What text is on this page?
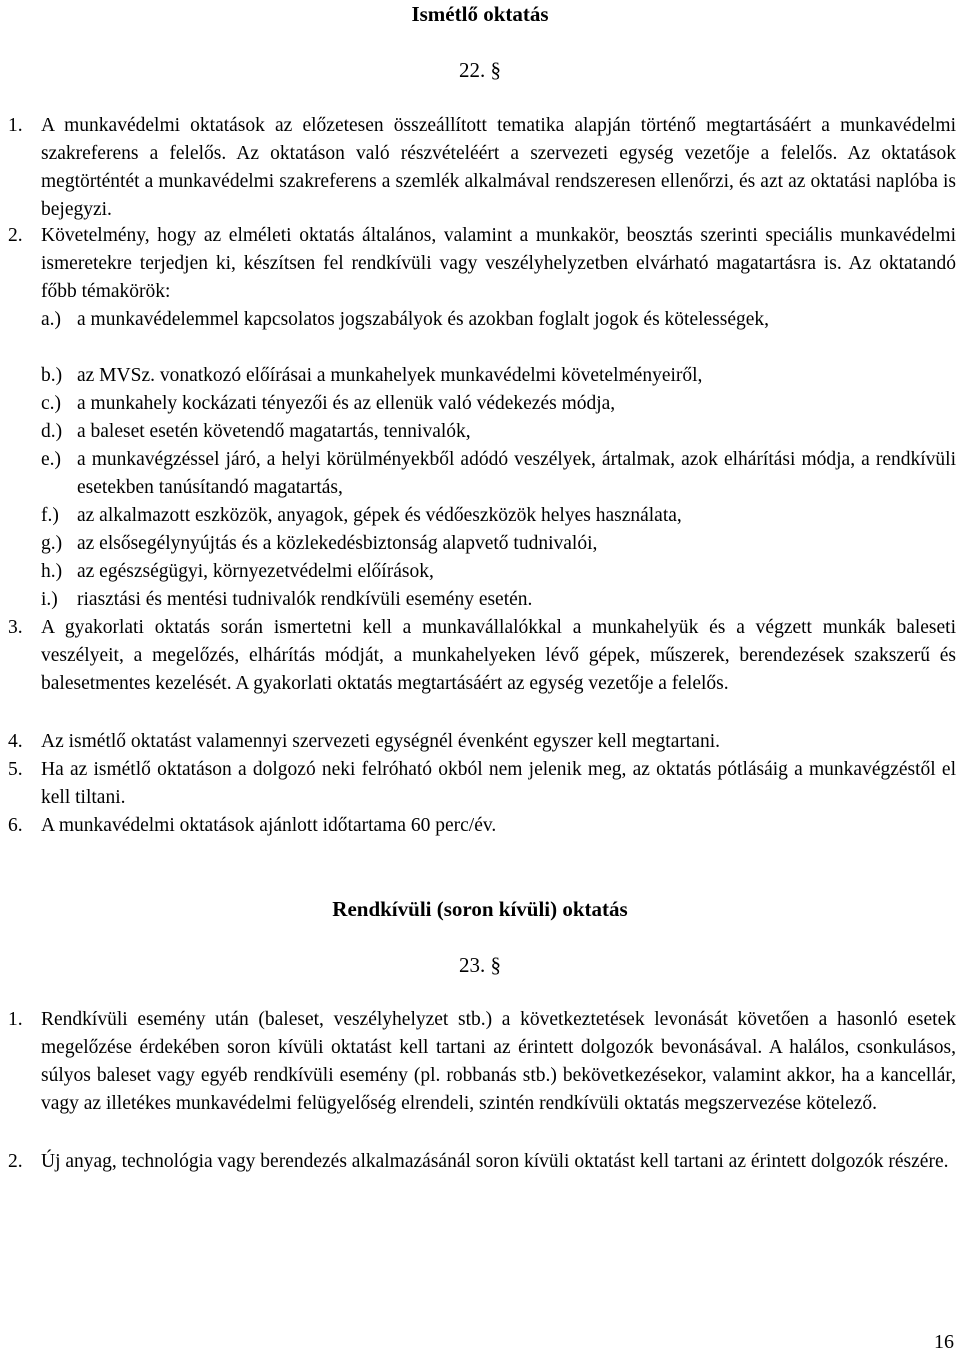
Ismétlő oktatás
22. §
1. A munkavédelmi oktatások az előzetesen összeállított tematika alapján történő megtartásáért a munkavédelmi szakreferens a felelős. Az oktatáson való részvételéért a szervezeti egység vezetője a felelős. Az oktatások megtörténtét a munkavédelmi szakreferens a szemlék alkalmával rendszeresen ellenőrzi, és azt az oktatási naplóba is bejegyzi.
2. Követelmény, hogy az elméleti oktatás általános, valamint a munkakör, beosztás szerinti speciális munkavédelmi ismeretekre terjedjen ki, készítsen fel rendkívüli vagy veszélyhelyzetben elvárható magatartásra is. Az oktatandó főbb témakörök:
a.) a munkavédelemmel kapcsolatos jogszabályok és azokban foglalt jogok és kötelességek,
b.) az MVSz. vonatkozó előírásai a munkahelyek munkavédelmi követelményeiről,
c.) a munkahely kockázati tényezői és az ellenük való védekezés módja,
d.) a baleset esetén követendő magatartás, tennivalók,
e.) a munkavégzéssel járó, a helyi körülményekből adódó veszélyek, ártalmak, azok elhárítási módja, a rendkívüli esetekben tanúsítandó magatartás,
f.) az alkalmazott eszközök, anyagok, gépek és védőeszközök helyes használata,
g.) az elsősegélynyújtás és a közlekedésbiztonság alapvető tudnivalói,
h.) az egészségügyi, környezetvédelmi előírások,
i.) riasztási és mentési tudnivalók rendkívüli esemény esetén.
3. A gyakorlati oktatás során ismertetni kell a munkavállalókkal a munkahelyük és a végzett munkák baleseti veszélyeit, a megelőzés, elhárítás módját, a munkahelyeken lévő gépek, műszerek, berendezések szakszerű és balesetmentes kezelését. A gyakorlati oktatás megtartásáért az egység vezetője a felelős.
4. Az ismétlő oktatást valamennyi szervezeti egységnél évenként egyszer kell megtartani.
5. Ha az ismétlő oktatáson a dolgozó neki felróható okból nem jelenik meg, az oktatás pótlásáig a munkavégzéstől el kell tiltani.
6. A munkavédelmi oktatások ajánlott időtartama 60 perc/év.
Rendkívüli (soron kívüli) oktatás
23. §
1. Rendkívüli esemény után (baleset, veszélyhelyzet stb.) a következtetések levonását követően a hasonló esetek megelőzése érdekében soron kívüli oktatást kell tartani az érintett dolgozók bevonásával. A halálos, csonkulásos, súlyos baleset vagy egyéb rendkívüli esemény (pl. robbanás stb.) bekövetkezésekor, valamint akkor, ha a kancellár, vagy az illetékes munkavédelmi felügyelőség elrendeli, szintén rendkívüli oktatás megszervezése kötelező.
2. Új anyag, technológia vagy berendezés alkalmazásánál soron kívüli oktatást kell tartani az érintett dolgozók részére.
16
